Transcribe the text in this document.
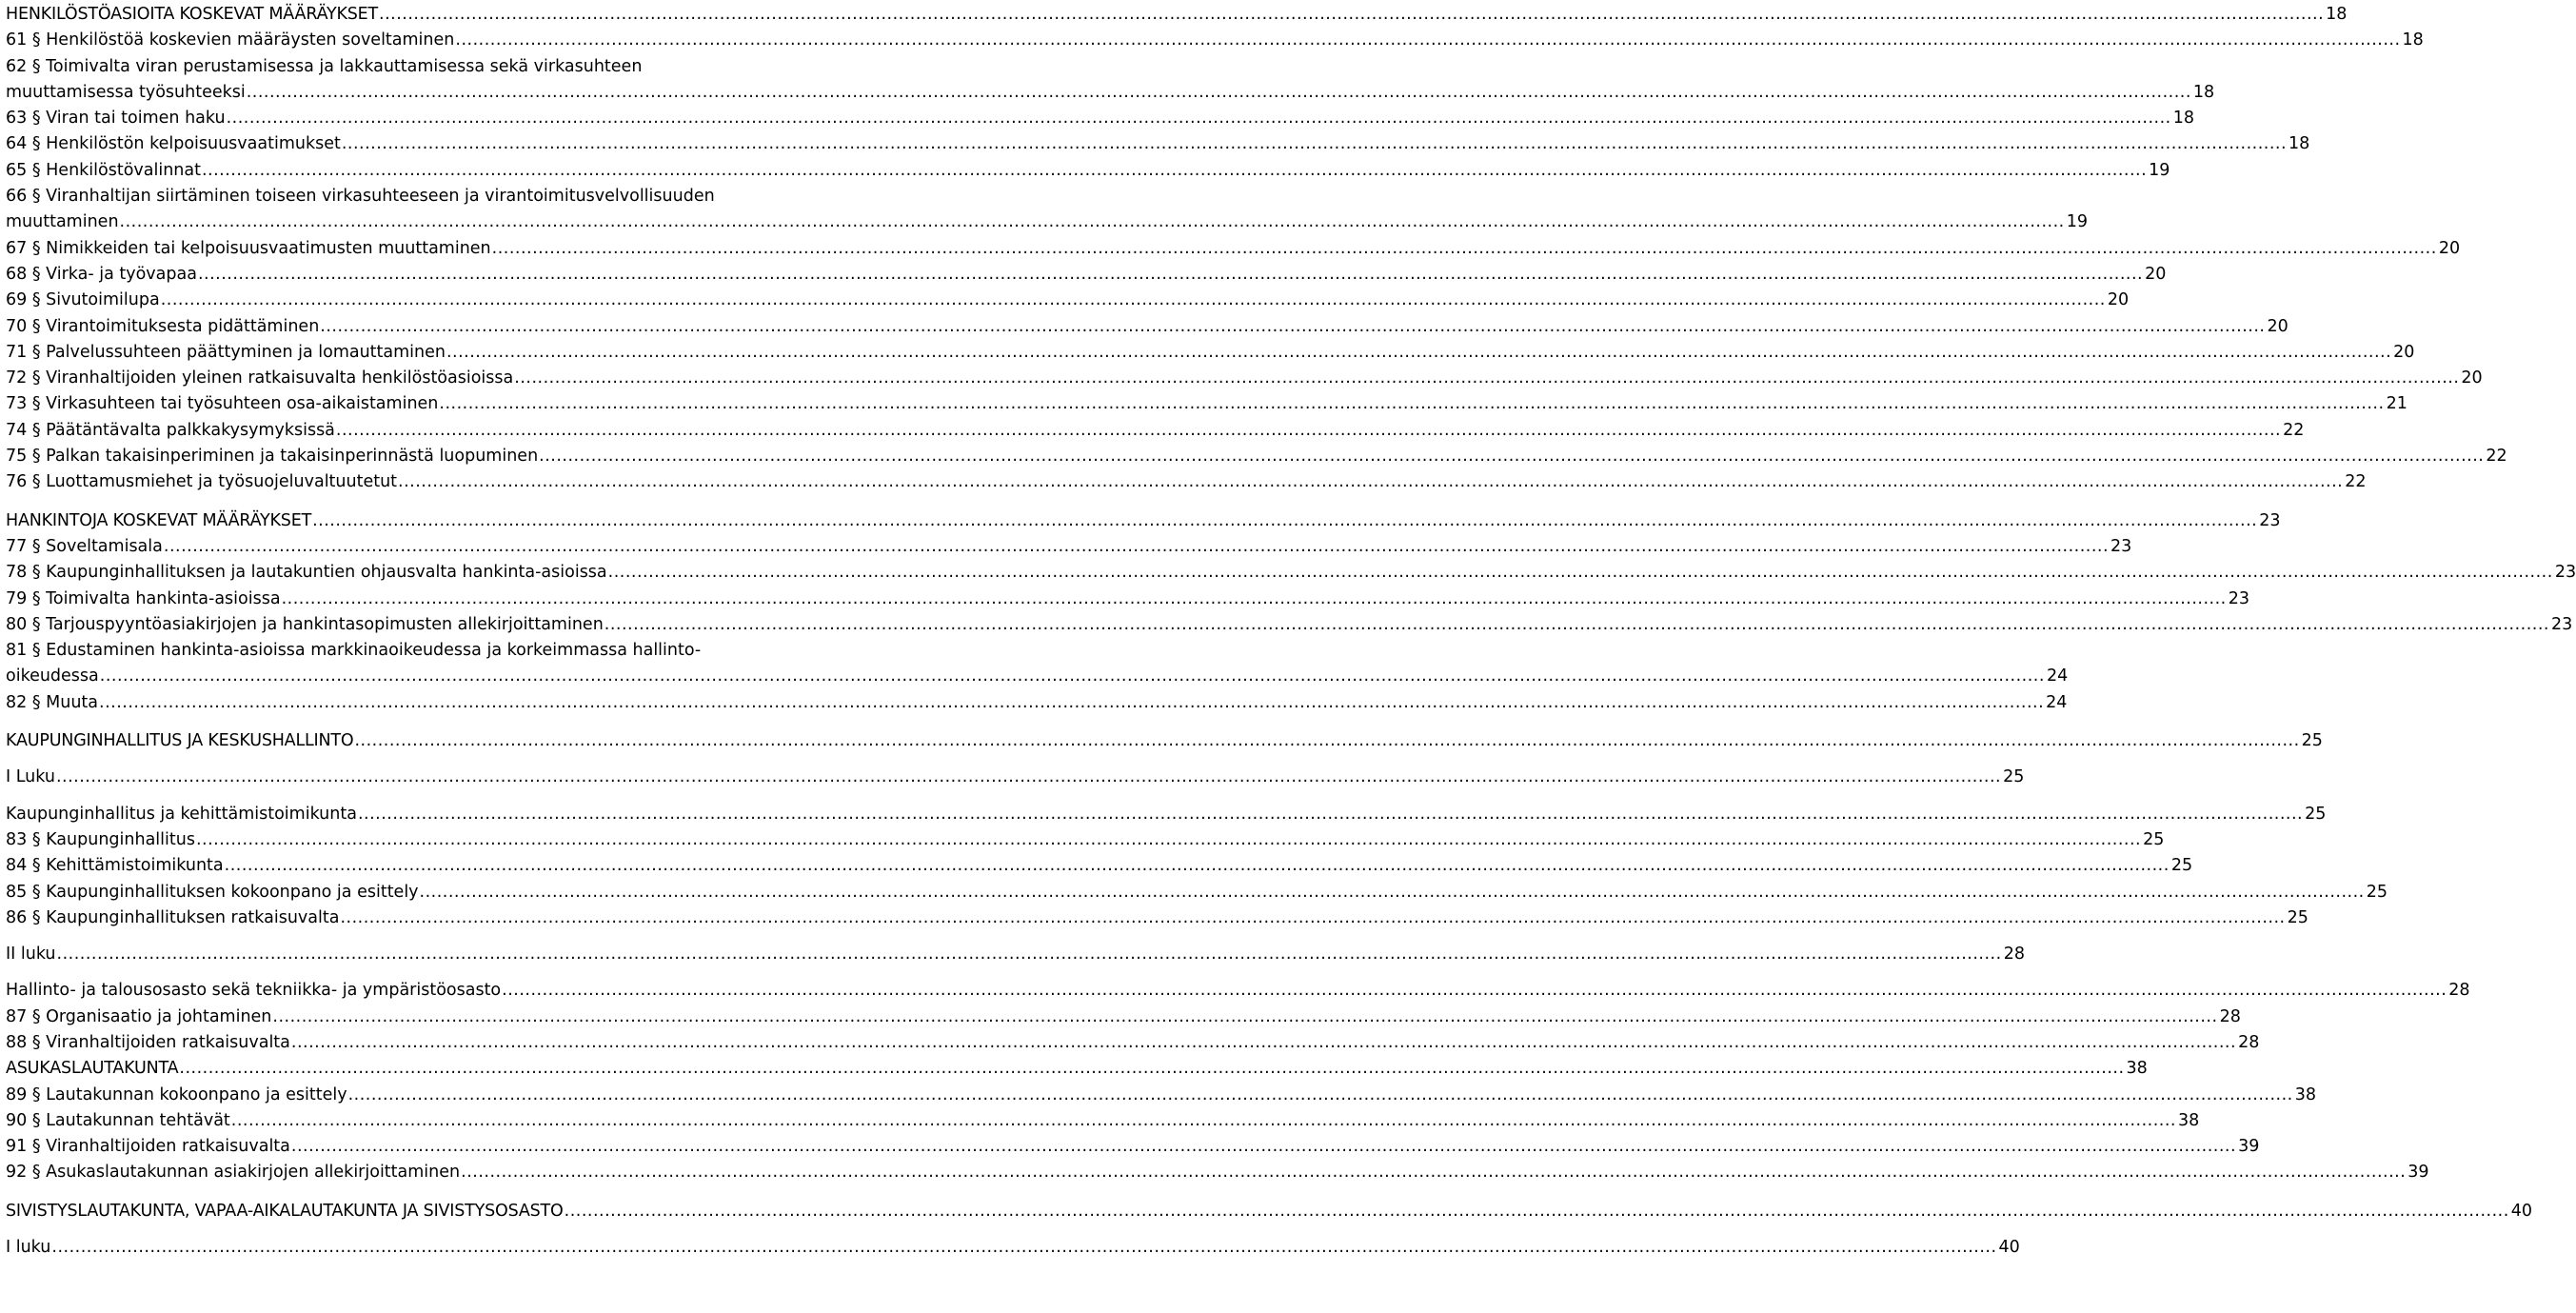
HENKILÖSTÖASIOITA KOSKEVAT MÄÄRÄYKSET .....	18
61 § Henkilöstöä koskevien määräysten soveltaminen .....	18
62 § Toimivalta viran perustamisessa ja lakkauttamisessa sekä virkasuhteen
muuttamisessa työsuhteeksi .....	18
63 § Viran tai toimen haku .....	18
64 § Henkilöstön kelpoisuusvaatimukset .....	18
65 § Henkilöstövalinnat .....	19
66 § Viranhaltijan siirtäminen toiseen virkasuhteeseen ja virantoimitusvelvollisuuden
muuttaminen .....	19
67 § Nimikkeiden tai kelpoisuusvaatimusten muuttaminen .....	20
68 § Virka- ja työvapaa .....	20
69 § Sivutoimilupa .....	20
70 § Virantoimituksesta pidättäminen .....	20
71 § Palvelussuhteen päättyminen ja lomauttaminen .....	20
72 § Viranhaltijoiden yleinen ratkaisuvalta henkilöstöasioissa .....	20
73 § Virkasuhteen tai työsuhteen osa-aikaistaminen .....	21
74 § Päätäntävalta palkkakysymyksissä .....	22
75 § Palkan takaisinperiminen ja takaisinperinnästä luopuminen .....	22
76 § Luottamusmiehet ja työsuojeluvaltuutetut .....	22
HANKINTOJA KOSKEVAT MÄÄRÄYKSET .....	23
77 § Soveltamisala .....	23
78 § Kaupunginhallituksen ja lautakuntien ohjausvalta hankinta-asioissa .....	23
79 § Toimivalta hankinta-asioissa .....	23
80 § Tarjouspyyntöasiakirjojen ja hankintasopimusten allekirjoittaminen .....	23
81 § Edustaminen hankinta-asioissa markkinaoikeudessa ja korkeimmassa hallinto-
oikeudessa .....	24
82 § Muuta .....	24
KAUPUNGINHALLITUS JA KESKUSHALLINTO .....	25
I Luku .....	25
Kaupunginhallitus ja kehittämistoimikunta .....	25
83 § Kaupunginhallitus .....	25
84 § Kehittämistoimikunta .....	25
85 § Kaupunginhallituksen kokoonpano ja esittely .....	25
86 § Kaupunginhallituksen ratkaisuvalta .....	25
II luku .....	28
Hallinto- ja talousosasto sekä tekniikka- ja ympäristöosasto .....	28
87 § Organisaatio ja johtaminen .....	28
88 § Viranhaltijoiden ratkaisuvalta .....	28
ASUKASLAUTAKUNTA .....	38
89 § Lautakunnan kokoonpano ja esittely .....	38
90 § Lautakunnan tehtävät .....	38
91 § Viranhaltijoiden ratkaisuvalta .....	39
92 § Asukaslautakunnan asiakirjojen allekirjoittaminen .....	39
SIVISTYSLAUTAKUNTA, VAPAA-AIKALAUTAKUNTA JA SIVISTYSOSASTO .....	40
I luku .....	40
